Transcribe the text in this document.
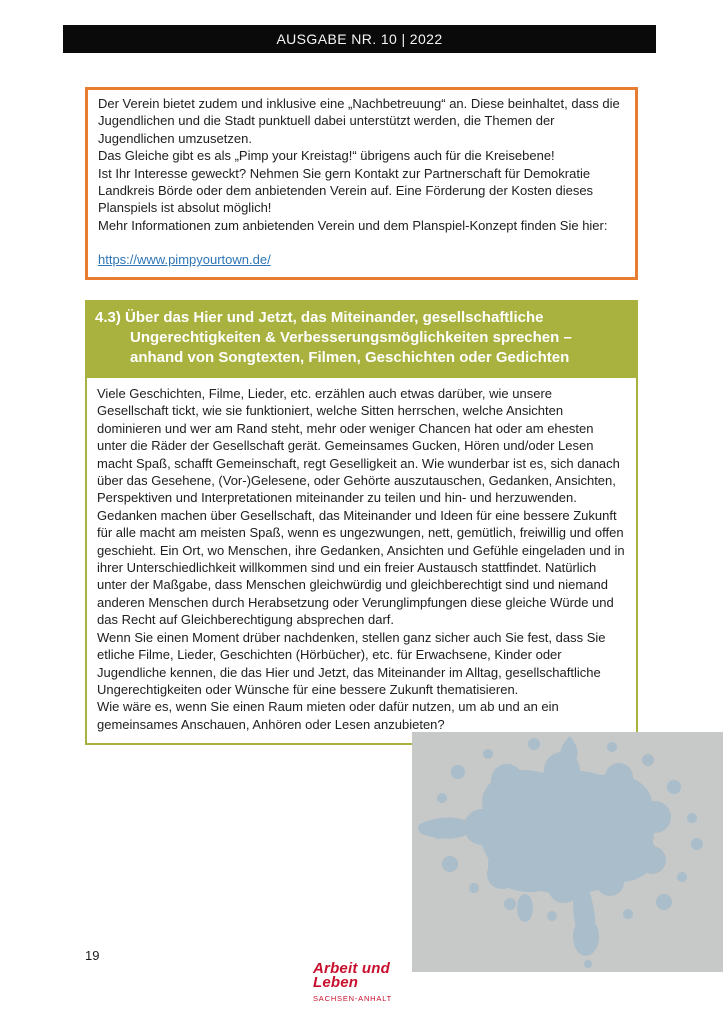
AUSGABE NR. 10 | 2022

Der Verein bietet zudem und inklusive eine „Nachbetreuung“ an. Diese beinhaltet, dass die Jugendlichen und die Stadt punktuell dabei unterstützt werden, die Themen der Jugendlichen umzusetzen.

Das Gleiche gibt es als „Pimp your Kreistag!“ übrigens auch für die Kreisebene!

Ist Ihr Interesse geweckt? Nehmen Sie gern Kontakt zur Partnerschaft für Demokratie Landkreis Börde oder dem anbietenden Verein auf. Eine Förderung der Kosten dieses Planspiels ist absolut möglich!

Mehr Informationen zum anbietenden Verein und dem Planspiel-Konzept finden Sie hier:

https://www.pimpyourtown.de/
4.3) Über das Hier und Jetzt, das Miteinander, gesellschaftliche Ungerechtigkeiten & Verbesserungsmöglichkeiten sprechen – anhand von Songtexten, Filmen, Geschichten oder Gedichten

Viele Geschichten, Filme, Lieder, etc. erzählen auch etwas darüber, wie unsere Gesellschaft tickt, wie sie funktioniert, welche Sitten herrschen, welche Ansichten dominieren und wer am Rand steht, mehr oder weniger Chancen hat oder am ehesten unter die Räder der Gesellschaft gerät. Gemeinsames Gucken, Hören und/oder Lesen macht Spaß, schafft Gemeinschaft, regt Geselligkeit an. Wie wunderbar ist es, sich danach über das Gesehene, (Vor-)Gelesene, oder Gehörte auszutauschen, Gedanken, Ansichten, Perspektiven und Interpretationen miteinander zu teilen und hin- und herzuwenden.

Gedanken machen über Gesellschaft, das Miteinander und Ideen für eine bessere Zukunft für alle macht am meisten Spaß, wenn es ungezwungen, nett, gemütlich, freiwillig und offen geschieht. Ein Ort, wo Menschen, ihre Gedanken, Ansichten und Gefühle eingeladen und in ihrer Unterschiedlichkeit willkommen sind und ein freier Austausch stattfindet. Natürlich unter der Maßgabe, dass Menschen gleichwürdig und gleichberechtigt sind und niemand anderen Menschen durch Herabsetzung oder Verunglimpfungen diese gleiche Würde und das Recht auf Gleichberechtigung absprechen darf.

Wenn Sie einen Moment drüber nachdenken, stellen ganz sicher auch Sie fest, dass Sie etliche Filme, Lieder, Geschichten (Hörbücher), etc. für Erwachsene, Kinder oder Jugendliche kennen, die das Hier und Jetzt, das Miteinander im Alltag, gesellschaftliche Ungerechtigkeiten oder Wünsche für eine bessere Zukunft thematisieren.

Wie wäre es, wenn Sie einen Raum mieten oder dafür nutzen, um ab und an ein gemeinsames Anschauen, Anhören oder Lesen anzubieten?

19
Arbeit und
Leben
SACHSEN-ANHALT
